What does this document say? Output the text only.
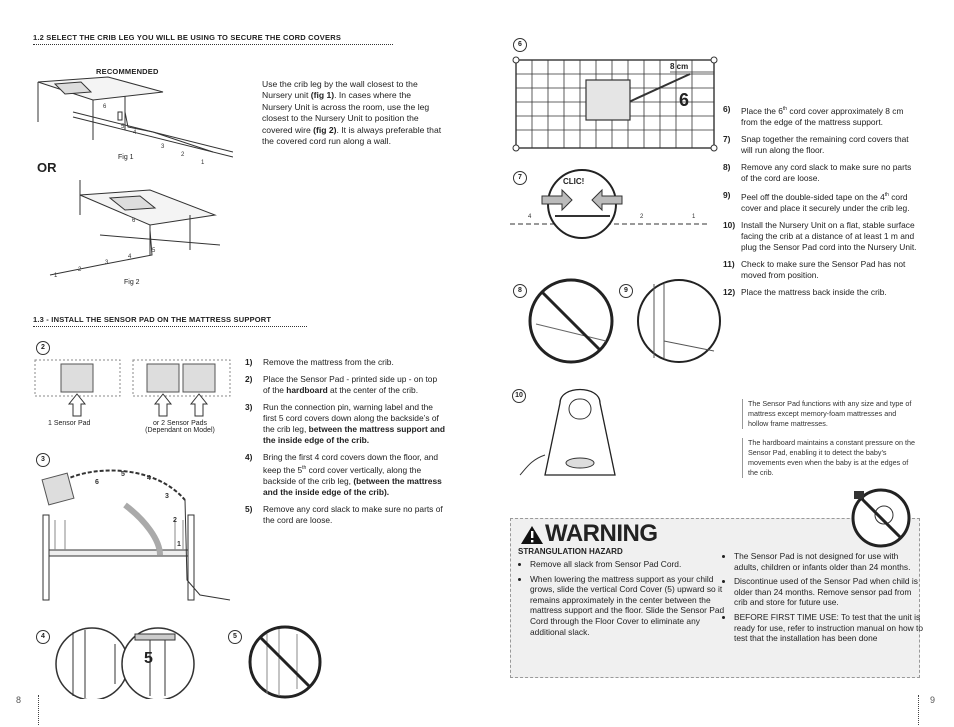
1.2 SELECT THE CRIB LEG YOU WILL BE USING TO SECURE THE CORD COVERS
RECOMMENDED
OR
6
5
4
3
2
1
Fig 1
6
5
4
3
2
1
Fig 2
Use the crib leg by the wall closest to the Nursery unit (fig 1). In cases where the Nursery Unit is across the room, use the leg closest to the Nursery Unit to position the covered wire (fig 2). It is always preferable that the covered cord run along a wall.
1.3 - INSTALL THE SENSOR PAD ON THE MATTRESS SUPPORT
2
1 Sensor Pad	or 2 Sensor Pads
(Dependant on Model)
3
6
5
4
3
2
1
4
5
5
1)	Remove the mattress from the crib.
2)	Place the Sensor Pad - printed side up - on top of the hardboard at the center of the crib.
3)	Run the connection pin, warning label and the first 5 cord covers down along the backside’s of the crib leg, between the mattress support and the inside edge of the crib.
4)	Bring the first 4 cord covers down the floor, and keep the 5th cord cover vertically, along the backside of the crib leg, (between the mattress and the inside edge of the crib).
5)	Remove any cord slack to make sure no parts of the cord are loose.
8
6
8 cm
6
7
4	2	1
CLIC!
8	9
10
6)	Place the 6th cord cover approximately 8 cm from the edge of the mattress support.
7)	Snap together the remaining cord covers that will run along the floor.
8)	Remove any cord slack to make sure no parts of the cord are loose.
9)	Peel off the double-sided tape on the 4th cord cover and place it securely under the crib leg.
10) Install the Nursery Unit on a flat, stable surface facing the crib at a distance of at least 1 m and plug the Sensor Pad cord into the Nursery Unit.
11) Check to make sure the Sensor Pad has not moved from position.
12) Place the mattress back inside the crib.
The Sensor Pad functions with any size and type of mattress except memory-foam mattresses and hollow frame mattresses.
The hardboard maintains a constant pressure on the Sensor Pad, enabling it to detect the baby’s movements even when the baby is at the edges of the crib.
WARNING
STRANGULATION HAZARD
• Remove all slack from Sensor Pad Cord.
• When lowering the mattress support as your child grows, slide the vertical Cord Cover (5) upward so it remains approximately in the center between the mattress support and the floor. Slide the Sensor Pad Cord through the Floor Cover to eliminate any additional slack.
• The Sensor Pad is not designed for use with adults, children or infants older than 24 months.
• Discontinue used of the Sensor Pad when child is older than 24 months. Remove sensor pad from crib and store for future use.
• BEFORE FIRST TIME USE: To test that the unit is ready for use, refer to instruction manual on how to test that the installation has been done
9
